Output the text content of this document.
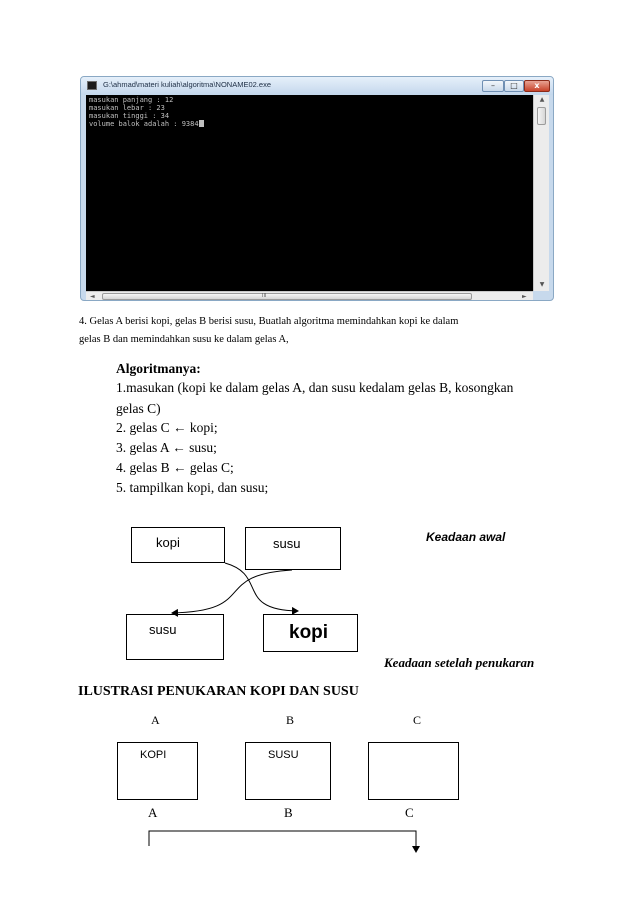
G:\ahmad\materi kuliah\algoritma\NONAME02.exe	–	□	x
masukan panjang : 12
masukan lebar : 23
masukan tinggi : 34
volume balok adalah : 9384
▲
▼
◄	III	►
4. Gelas A berisi kopi, gelas B berisi susu, Buatlah algoritma memindahkan kopi ke dalam
gelas B dan memindahkan susu ke dalam gelas A,
Algoritmanya:
1.masukan (kopi ke dalam gelas A, dan susu kedalam gelas B, kosongkan
gelas C)
2. gelas C ← kopi;
3. gelas A ← susu;
4. gelas B ← gelas C;
5. tampilkan kopi, dan susu;
kopi	susu	Keadaan awal
susu	kopi
Keadaan setelah penukaran
ILUSTRASI PENUKARAN KOPI DAN SUSU
A	B	C
KOPI	SUSU
A	B	C
